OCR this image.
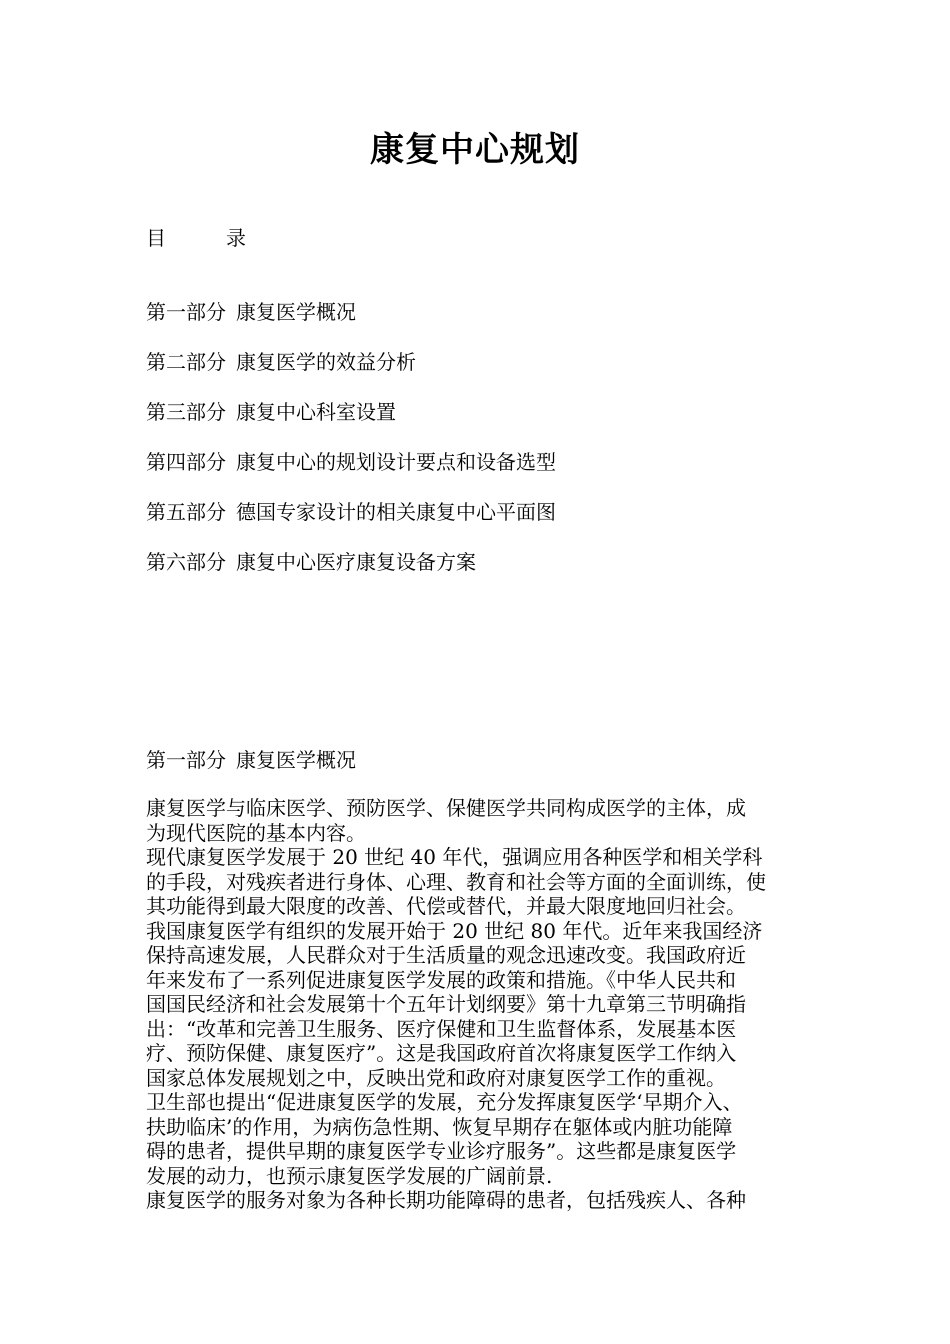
康复中心规划
目	录
第一部分 康复医学概况
第二部分 康复医学的效益分析
第三部分 康复中心科室设置
第四部分 康复中心的规划设计要点和设备选型
第五部分 德国专家设计的相关康复中心平面图
第六部分 康复中心医疗康复设备方案
第一部分 康复医学概况
康复医学与临床医学、预防医学、保健医学共同构成医学的主体，成
为现代医院的基本内容。
现代康复医学发展于 20 世纪 40 年代，强调应用各种医学和相关学科
的手段，对残疾者进行身体、心理、教育和社会等方面的全面训练，使
其功能得到最大限度的改善、代偿或替代，并最大限度地回归社会。
我国康复医学有组织的发展开始于 20 世纪 80 年代。近年来我国经济
保持高速发展，人民群众对于生活质量的观念迅速改变。我国政府近
年来发布了一系列促进康复医学发展的政策和措施。《中华人民共和
国国民经济和社会发展第十个五年计划纲要》第十九章第三节明确指
出：“改革和完善卫生服务、医疗保健和卫生监督体系，发展基本医
疗、预防保健、康复医疗”。这是我国政府首次将康复医学工作纳入
国家总体发展规划之中，反映出党和政府对康复医学工作的重视。
卫生部也提出“促进康复医学的发展，充分发挥康复医学‘早期介入、
扶助临床’的作用，为病伤急性期、恢复早期存在躯体或内脏功能障
碍的患者，提供早期的康复医学专业诊疗服务”。这些都是康复医学
发展的动力，也预示康复医学发展的广阔前景.
康复医学的服务对象为各种长期功能障碍的患者，包括残疾人、各种
